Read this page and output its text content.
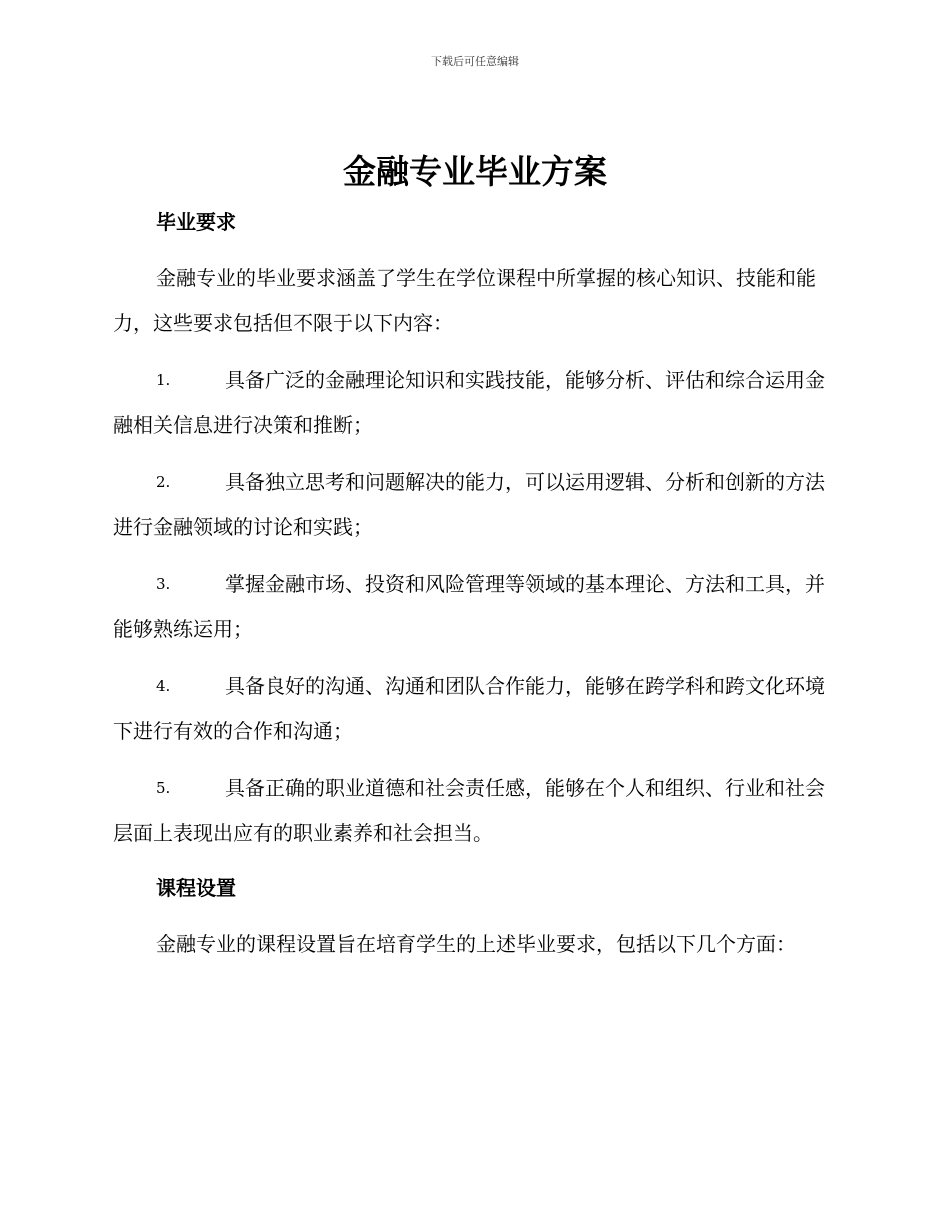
下载后可任意编辑
金融专业毕业方案
毕业要求

金融专业的毕业要求涵盖了学生在学位课程中所掌握的核心知识、技能和能力，这些要求包括但不限于以下内容：

1.	具备广泛的金融理论知识和实践技能，能够分析、评估和综合运用金融相关信息进行决策和推断；
2.	具备独立思考和问题解决的能力，可以运用逻辑、分析和创新的方法进行金融领域的讨论和实践；
3.	掌握金融市场、投资和风险管理等领域的基本理论、方法和工具，并能够熟练运用；
4.	具备良好的沟通、沟通和团队合作能力，能够在跨学科和跨文化环境下进行有效的合作和沟通；
5.	具备正确的职业道德和社会责任感，能够在个人和组织、行业和社会层面上表现出应有的职业素养和社会担当。
课程设置

金融专业的课程设置旨在培育学生的上述毕业要求，包括以下几个方面：
